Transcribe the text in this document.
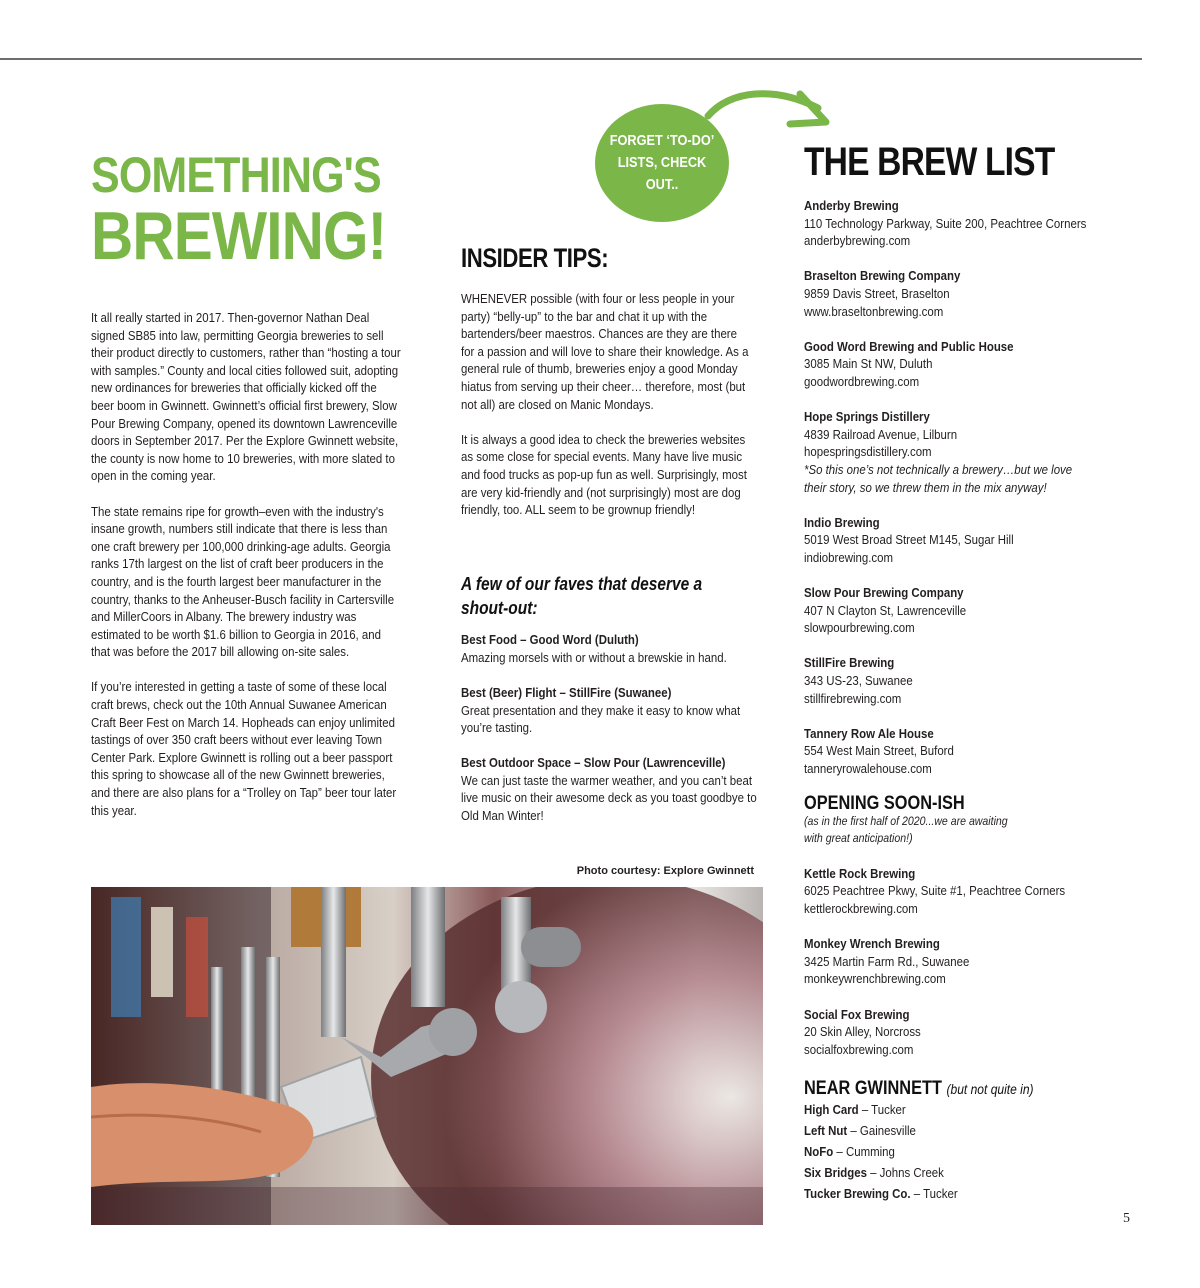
SOMETHING'S
BREWING!

It all really started in 2017. Then-governor Nathan Deal signed SB85 into law, permitting Georgia breweries to sell their product directly to customers, rather than “hosting a tour with samples.” County and local cities followed suit, adopting new ordinances for breweries that officially kicked off the beer boom in Gwinnett. Gwinnett’s official first brewery, Slow Pour Brewing Company, opened its downtown Lawrenceville doors in September 2017. Per the Explore Gwinnett website, the county is now home to 10 breweries, with more slated to open in the coming year.

The state remains ripe for growth–even with the industry's insane growth, numbers still indicate that there is less than one craft brewery per 100,000 drinking-age adults. Georgia ranks 17th largest on the list of craft beer producers in the country, and is the fourth largest beer manufacturer in the country, thanks to the Anheuser-Busch facility in Cartersville and MillerCoors in Albany. The brewery industry was estimated to be worth $1.6 billion to Georgia in 2016, and that was before the 2017 bill allowing on-site sales.

If you’re interested in getting a taste of some of these local craft brews, check out the 10th Annual Suwanee American Craft Beer Fest on March 14. Hopheads can enjoy unlimited tastings of over 350 craft beers without ever leaving Town Center Park. Explore Gwinnett is rolling out a beer passport this spring to showcase all of the new Gwinnett breweries, and there are also plans for a “Trolley on Tap” beer tour later this year.

FORGET ‘TO-DO’ LISTS, CHECK OUT..
INSIDER TIPS:

WHENEVER possible (with four or less people in your party) “belly-up” to the bar and chat it up with the bartenders/beer maestros. Chances are they are there for a passion and will love to share their knowledge. As a general rule of thumb, breweries enjoy a good Monday hiatus from serving up their cheer… therefore, most (but not all) are closed on Manic Mondays.

It is always a good idea to check the breweries websites as some close for special events. Many have live music and food trucks as pop-up fun as well. Surprisingly, most are very kid-friendly and (not surprisingly) most are dog friendly, too. ALL seem to be grownup friendly!

A few of our faves that deserve a
shout-out:
Best Food – Good Word (Duluth)
Amazing morsels with or without a brewskie in hand.
Best (Beer) Flight – StillFire (Suwanee)
Great presentation and they make it easy to know what you’re tasting.
Best Outdoor Space – Slow Pour (Lawrenceville)
We can just taste the warmer weather, and you can’t beat live music on their awesome deck as you toast goodbye to Old Man Winter!
THE BREW LIST
Anderby Brewing
110 Technology Parkway, Suite 200, Peachtree Corners
anderbybrewing.com
Braselton Brewing Company
9859 Davis Street, Braselton
www.braseltonbrewing.com
Good Word Brewing and Public House
3085 Main St NW, Duluth
goodwordbrewing.com
Hope Springs Distillery
4839 Railroad Avenue, Lilburn
hopespringsdistillery.com
*So this one’s not technically a brewery…but we love
their story, so we threw them in the mix anyway!
Indio Brewing
5019 West Broad Street M145, Sugar Hill
indiobrewing.com
Slow Pour Brewing Company
407 N Clayton St, Lawrenceville
slowpourbrewing.com
StillFire Brewing
343 US-23, Suwanee
stillfirebrewing.com
Tannery Row Ale House
554 West Main Street, Buford
tanneryrowalehouse.com
OPENING SOON-ISH
(as in the first half of 2020...we are awaiting
with great anticipation!)
Kettle Rock Brewing
6025 Peachtree Pkwy, Suite #1, Peachtree Corners
kettlerockbrewing.com
Monkey Wrench Brewing
3425 Martin Farm Rd., Suwanee
monkeywrenchbrewing.com
Social Fox Brewing
20 Skin Alley, Norcross
socialfoxbrewing.com
NEAR GWINNETT (but not quite in)
High Card – Tucker
Left Nut – Gainesville
NoFo – Cumming
Six Bridges – Johns Creek
Tucker Brewing Co. – Tucker
Photo courtesy: Explore Gwinnett
5
